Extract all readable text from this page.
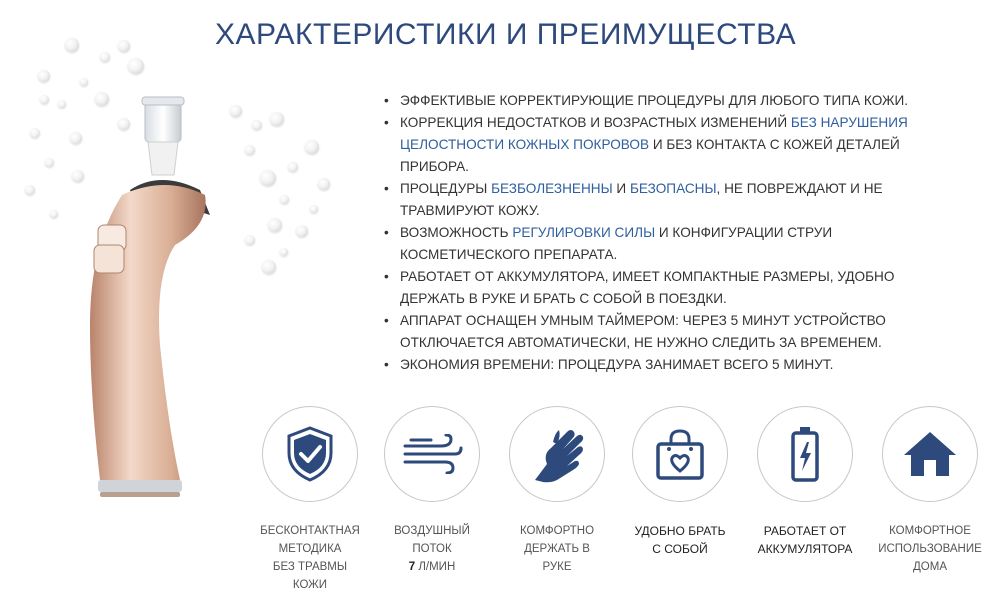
ХАРАКТЕРИСТИКИ И ПРЕИМУЩЕСТВА
• ЭФФЕКТИВЫЕ КОРРЕКТИРУЮЩИЕ ПРОЦЕДУРЫ ДЛЯ ЛЮБОГО ТИПА КОЖИ.
• КОРРЕКЦИЯ НЕДОСТАТКОВ И ВОЗРАСТНЫХ ИЗМЕНЕНИЙ БЕЗ НАРУШЕНИЯ ЦЕЛОСТНОСТИ КОЖНЫХ ПОКРОВОВ И БЕЗ КОНТАКТА С КОЖЕЙ ДЕТАЛЕЙ ПРИБОРА.
• ПРОЦЕДУРЫ БЕЗБОЛЕЗНЕННЫ И БЕЗОПАСНЫ, НЕ ПОВРЕЖДАЮТ И НЕ ТРАВМИРУЮТ КОЖУ.
• ВОЗМОЖНОСТЬ РЕГУЛИРОВКИ СИЛЫ И КОНФИГУРАЦИИ СТРУИ КОСМЕТИЧЕСКОГО ПРЕПАРАТА.
• РАБОТАЕТ ОТ АККУМУЛЯТОРА, ИМЕЕТ КОМПАКТНЫЕ РАЗМЕРЫ, УДОБНО ДЕРЖАТЬ В РУКЕ И БРАТЬ С СОБОЙ В ПОЕЗДКИ.
• АППАРАТ ОСНАЩЕН УМНЫМ ТАЙМЕРОМ: ЧЕРЕЗ 5 МИНУТ УСТРОЙСТВО ОТКЛЮЧАЕТСЯ АВТОМАТИЧЕСКИ, НЕ НУЖНО СЛЕДИТЬ ЗА ВРЕМЕНЕМ.
• ЭКОНОМИЯ ВРЕМЕНИ: ПРОЦЕДУРА ЗАНИМАЕТ ВСЕГО 5 МИНУТ.
БЕСКОНТАКТНАЯ
МЕТОДИКА
БЕЗ ТРАВМЫ КОЖИ
ВОЗДУШНЫЙ
ПОТОК
7 Л/МИН
КОМФОРТНО
ДЕРЖАТЬ В
РУКЕ
УДОБНО БРАТЬ
С СОБОЙ
РАБОТАЕТ ОТ
АККУМУЛЯТОРА
КОМФОРТНОЕ
ИСПОЛЬЗОВАНИЕ
ДОМА
